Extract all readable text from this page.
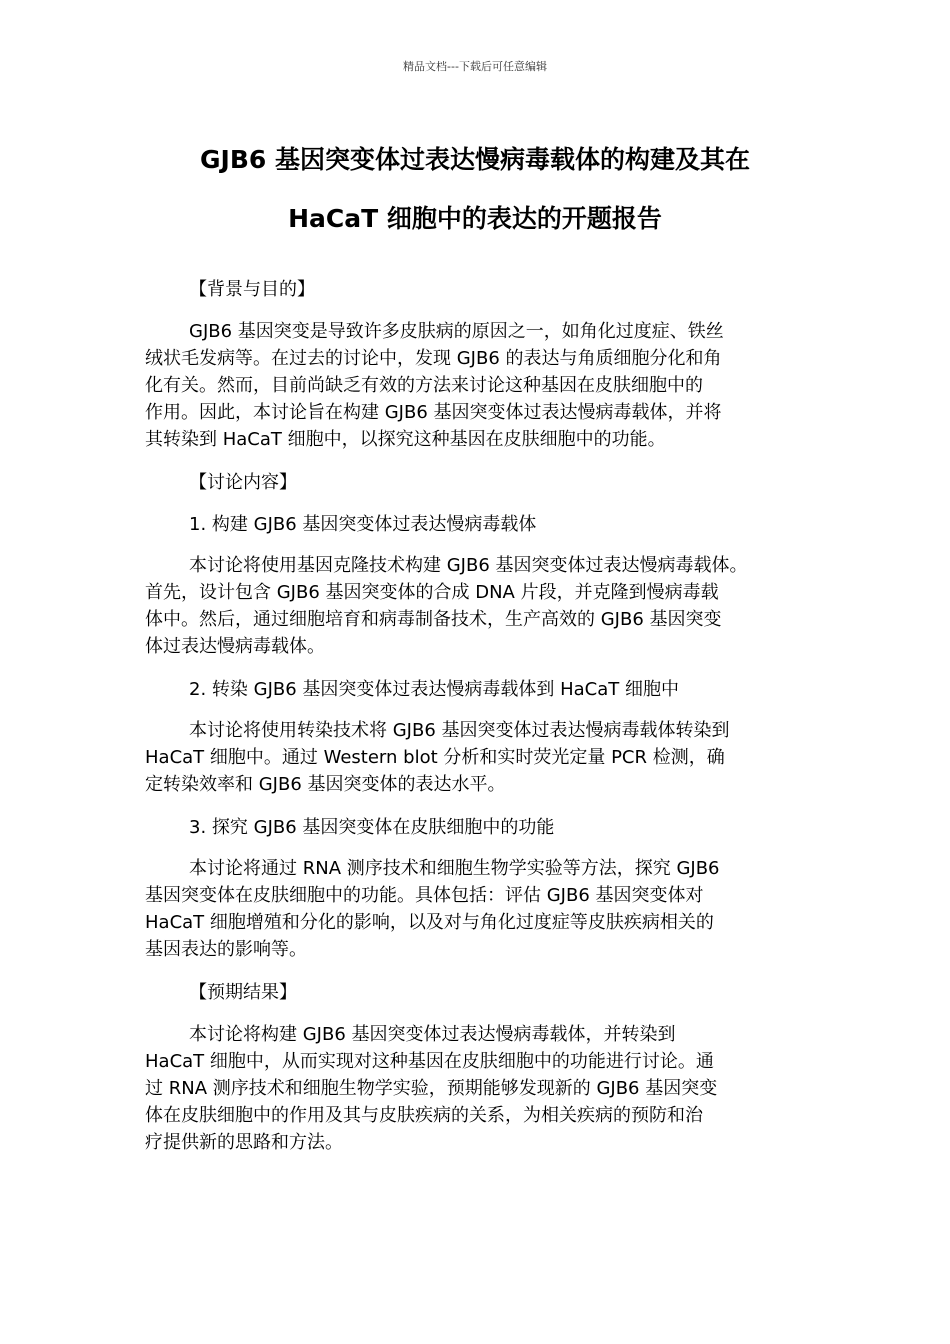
精品文档---下载后可任意编辑
GJB6 基因突变体过表达慢病毒载体的构建及其在
HaCaT 细胞中的表达的开题报告

【背景与目的】

GJB6 基因突变是导致许多皮肤病的原因之一，如角化过度症、铁丝
绒状毛发病等。在过去的讨论中，发现 GJB6 的表达与角质细胞分化和角
化有关。然而，目前尚缺乏有效的方法来讨论这种基因在皮肤细胞中的
作用。因此，本讨论旨在构建 GJB6 基因突变体过表达慢病毒载体，并将
其转染到 HaCaT 细胞中，以探究这种基因在皮肤细胞中的功能。

【讨论内容】

1. 构建 GJB6 基因突变体过表达慢病毒载体

本讨论将使用基因克隆技术构建 GJB6 基因突变体过表达慢病毒载体。
首先，设计包含 GJB6 基因突变体的合成 DNA 片段，并克隆到慢病毒载
体中。然后，通过细胞培育和病毒制备技术，生产高效的 GJB6 基因突变
体过表达慢病毒载体。

2. 转染 GJB6 基因突变体过表达慢病毒载体到 HaCaT 细胞中

本讨论将使用转染技术将 GJB6 基因突变体过表达慢病毒载体转染到
HaCaT 细胞中。通过 Western blot 分析和实时荧光定量 PCR 检测，确
定转染效率和 GJB6 基因突变体的表达水平。

3. 探究 GJB6 基因突变体在皮肤细胞中的功能

本讨论将通过 RNA 测序技术和细胞生物学实验等方法，探究 GJB6
基因突变体在皮肤细胞中的功能。具体包括：评估 GJB6 基因突变体对
HaCaT 细胞增殖和分化的影响，以及对与角化过度症等皮肤疾病相关的
基因表达的影响等。

【预期结果】

本讨论将构建 GJB6 基因突变体过表达慢病毒载体，并转染到
HaCaT 细胞中，从而实现对这种基因在皮肤细胞中的功能进行讨论。通
过 RNA 测序技术和细胞生物学实验，预期能够发现新的 GJB6 基因突变
体在皮肤细胞中的作用及其与皮肤疾病的关系，为相关疾病的预防和治
疗提供新的思路和方法。
